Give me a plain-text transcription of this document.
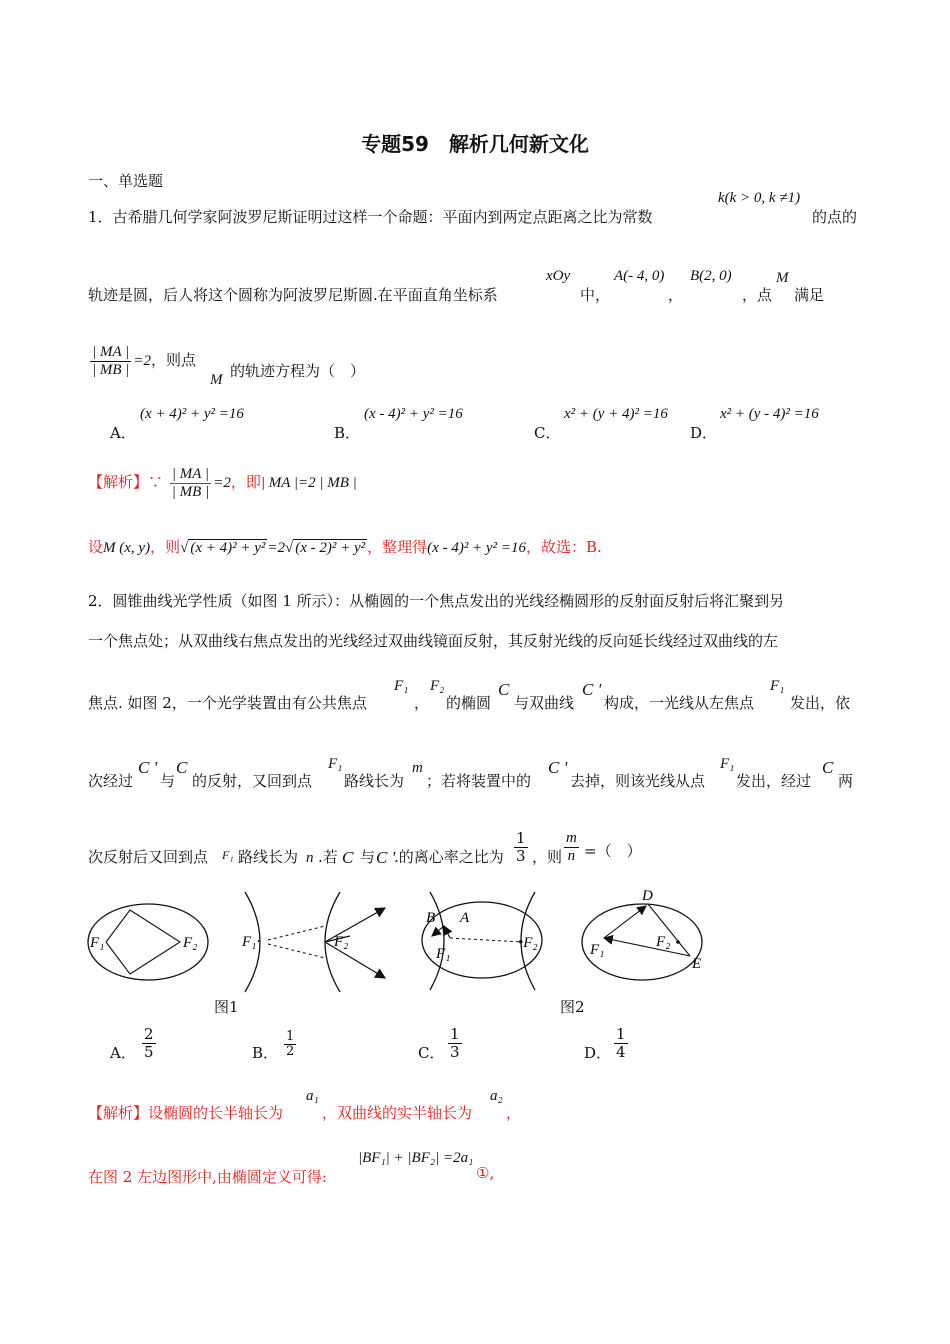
专题59　解析几何新文化
一、单选题
1．古希腊几何学家阿波罗尼斯证明过这样一个命题：平面内到两定点距离之比为常数
k(k > 0, k ≠1)
的点的
轨迹是圆，后人将这个圆称为阿波罗尼斯圆.在平面直角坐标系
xOy
中，
A(- 4, 0)
，
B(2, 0)
，点
M
满足
$\frac{| MA |}{| MB |} =2$，则点
M 的轨迹方程为（　）
A．
(x + 4)² + y² =16
B．
(x - 4)² + y² =16
C．
x² + (y + 4)² =16
D．
x² + (y - 4)² =16
【解析】∵ $\frac{| MA |}{| MB |} =2$，即| MA |=2 | MB |
设M (x, y)，则√ (x + 4)² + y² =2√ (x - 2)² + y² ，整理得(x - 4)² + y² =16，故选：B.
2．圆锥曲线光学性质（如图 1 所示）：从椭圆的一个焦点发出的光线经椭圆形的反射面反射后将汇聚到另
一个焦点处；从双曲线右焦点发出的光线经过双曲线镜面反射，其反射光线的反向延长线经过双曲线的左
焦点. 如图 2，一个光学装置由有公共焦点
F₁
，
F₂
的椭圆
C
与双曲线
C '
构成，一光线从左焦点
F₁
发出，依
次经过
C '
与
C
的反射，又回到点
F₁
路线长为
m
；若将装置中的
C '
去掉，则该光线从点
F₁
发出，经过
C
两
次反射后又回到点 F₁ 路线长为 n .若 C 与 C '
.的离心率之比为 $\frac{1}{3}$ ，则 $\frac{m}{n}$ =（　）
F₁	F₂	F₁·	F₂
B A
F₁
•F₂
D
E
F₁	F₂
图1	图2
A． $\frac{2}{5}$	B． $\frac{1}{2}$	C． $\frac{1}{3}$	D． $\frac{1}{4}$
【解析】设椭圆的长半轴长为
a₁
，双曲线的实半轴长为
a₂
，
在图 2 左边图形中,由椭圆定义可得:
|BF₁| + |BF₂| =2a₁
①,
